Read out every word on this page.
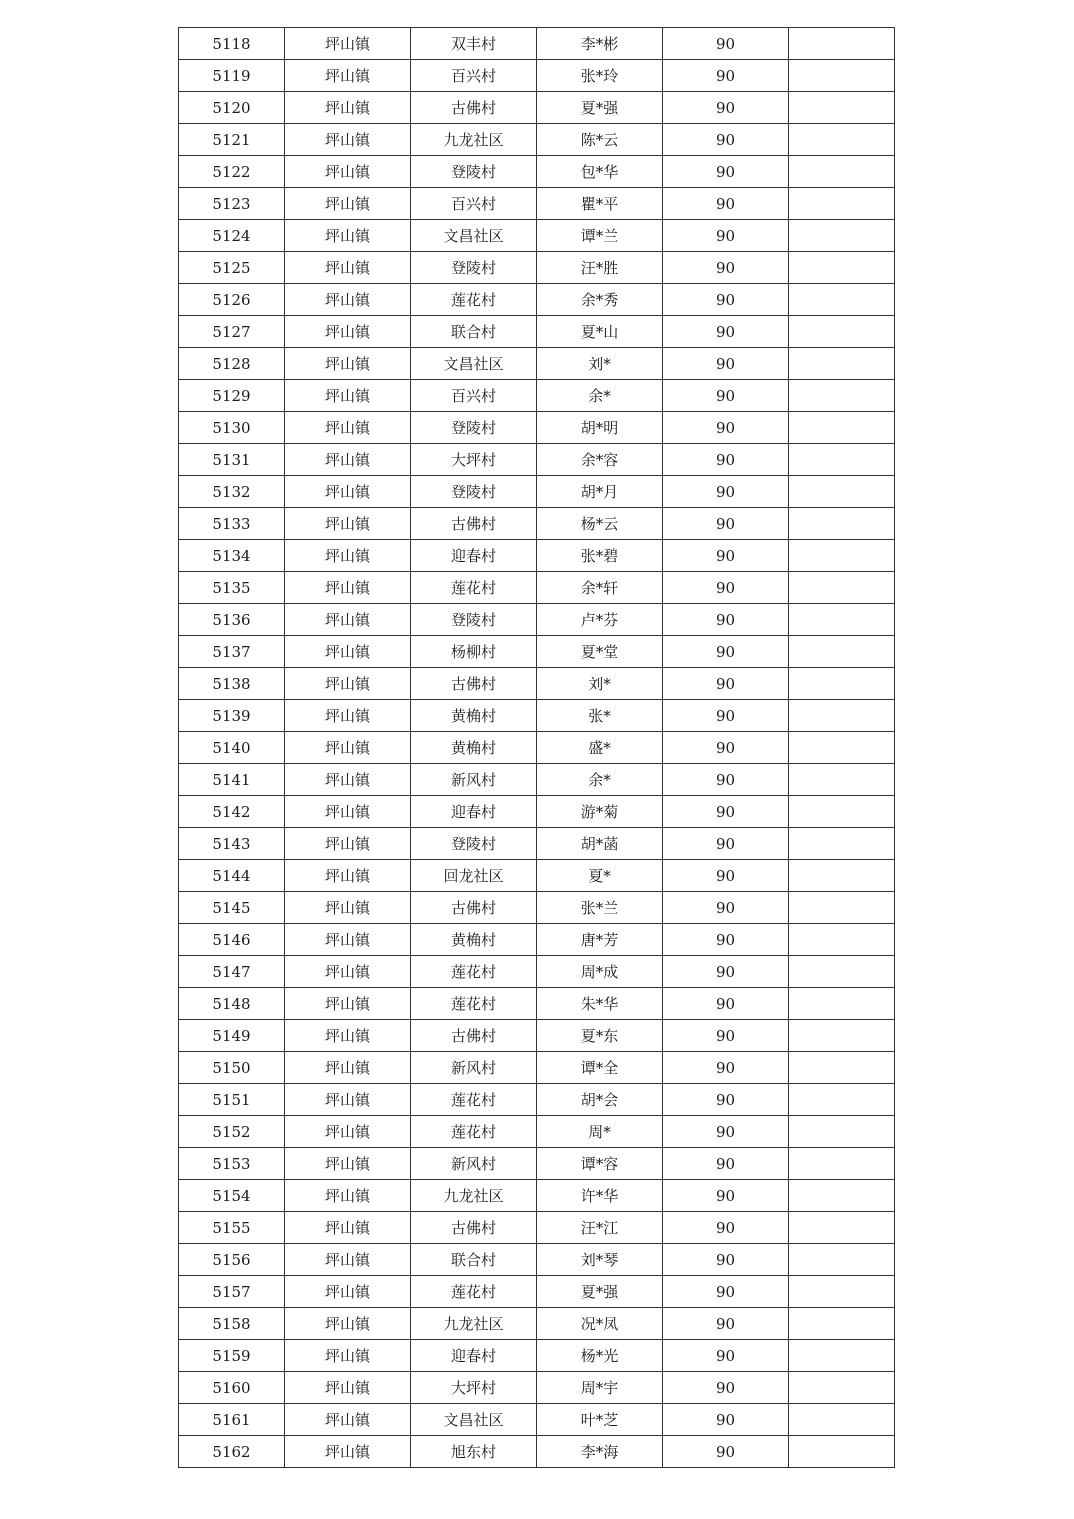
5118	坪山镇	双丰村	李*彬	90	
5119	坪山镇	百兴村	张*玲	90	
5120	坪山镇	古佛村	夏*强	90	
5121	坪山镇	九龙社区	陈*云	90	
5122	坪山镇	登陵村	包*华	90	
5123	坪山镇	百兴村	瞿*平	90	
5124	坪山镇	文昌社区	谭*兰	90	
5125	坪山镇	登陵村	汪*胜	90	
5126	坪山镇	莲花村	余*秀	90	
5127	坪山镇	联合村	夏*山	90	
5128	坪山镇	文昌社区	刘*	90	
5129	坪山镇	百兴村	余*	90	
5130	坪山镇	登陵村	胡*明	90	
5131	坪山镇	大坪村	余*容	90	
5132	坪山镇	登陵村	胡*月	90	
5133	坪山镇	古佛村	杨*云	90	
5134	坪山镇	迎春村	张*碧	90	
5135	坪山镇	莲花村	余*轩	90	
5136	坪山镇	登陵村	卢*芬	90	
5137	坪山镇	杨柳村	夏*堂	90	
5138	坪山镇	古佛村	刘*	90	
5139	坪山镇	黄桷村	张*	90	
5140	坪山镇	黄桷村	盛*	90	
5141	坪山镇	新风村	余*	90	
5142	坪山镇	迎春村	游*菊	90	
5143	坪山镇	登陵村	胡*菡	90	
5144	坪山镇	回龙社区	夏*	90	
5145	坪山镇	古佛村	张*兰	90	
5146	坪山镇	黄桷村	唐*芳	90	
5147	坪山镇	莲花村	周*成	90	
5148	坪山镇	莲花村	朱*华	90	
5149	坪山镇	古佛村	夏*东	90	
5150	坪山镇	新风村	谭*全	90	
5151	坪山镇	莲花村	胡*会	90	
5152	坪山镇	莲花村	周*	90	
5153	坪山镇	新风村	谭*容	90	
5154	坪山镇	九龙社区	许*华	90	
5155	坪山镇	古佛村	汪*江	90	
5156	坪山镇	联合村	刘*琴	90	
5157	坪山镇	莲花村	夏*强	90	
5158	坪山镇	九龙社区	况*凤	90	
5159	坪山镇	迎春村	杨*光	90	
5160	坪山镇	大坪村	周*宇	90	
5161	坪山镇	文昌社区	叶*芝	90	
5162	坪山镇	旭东村	李*海	90	
